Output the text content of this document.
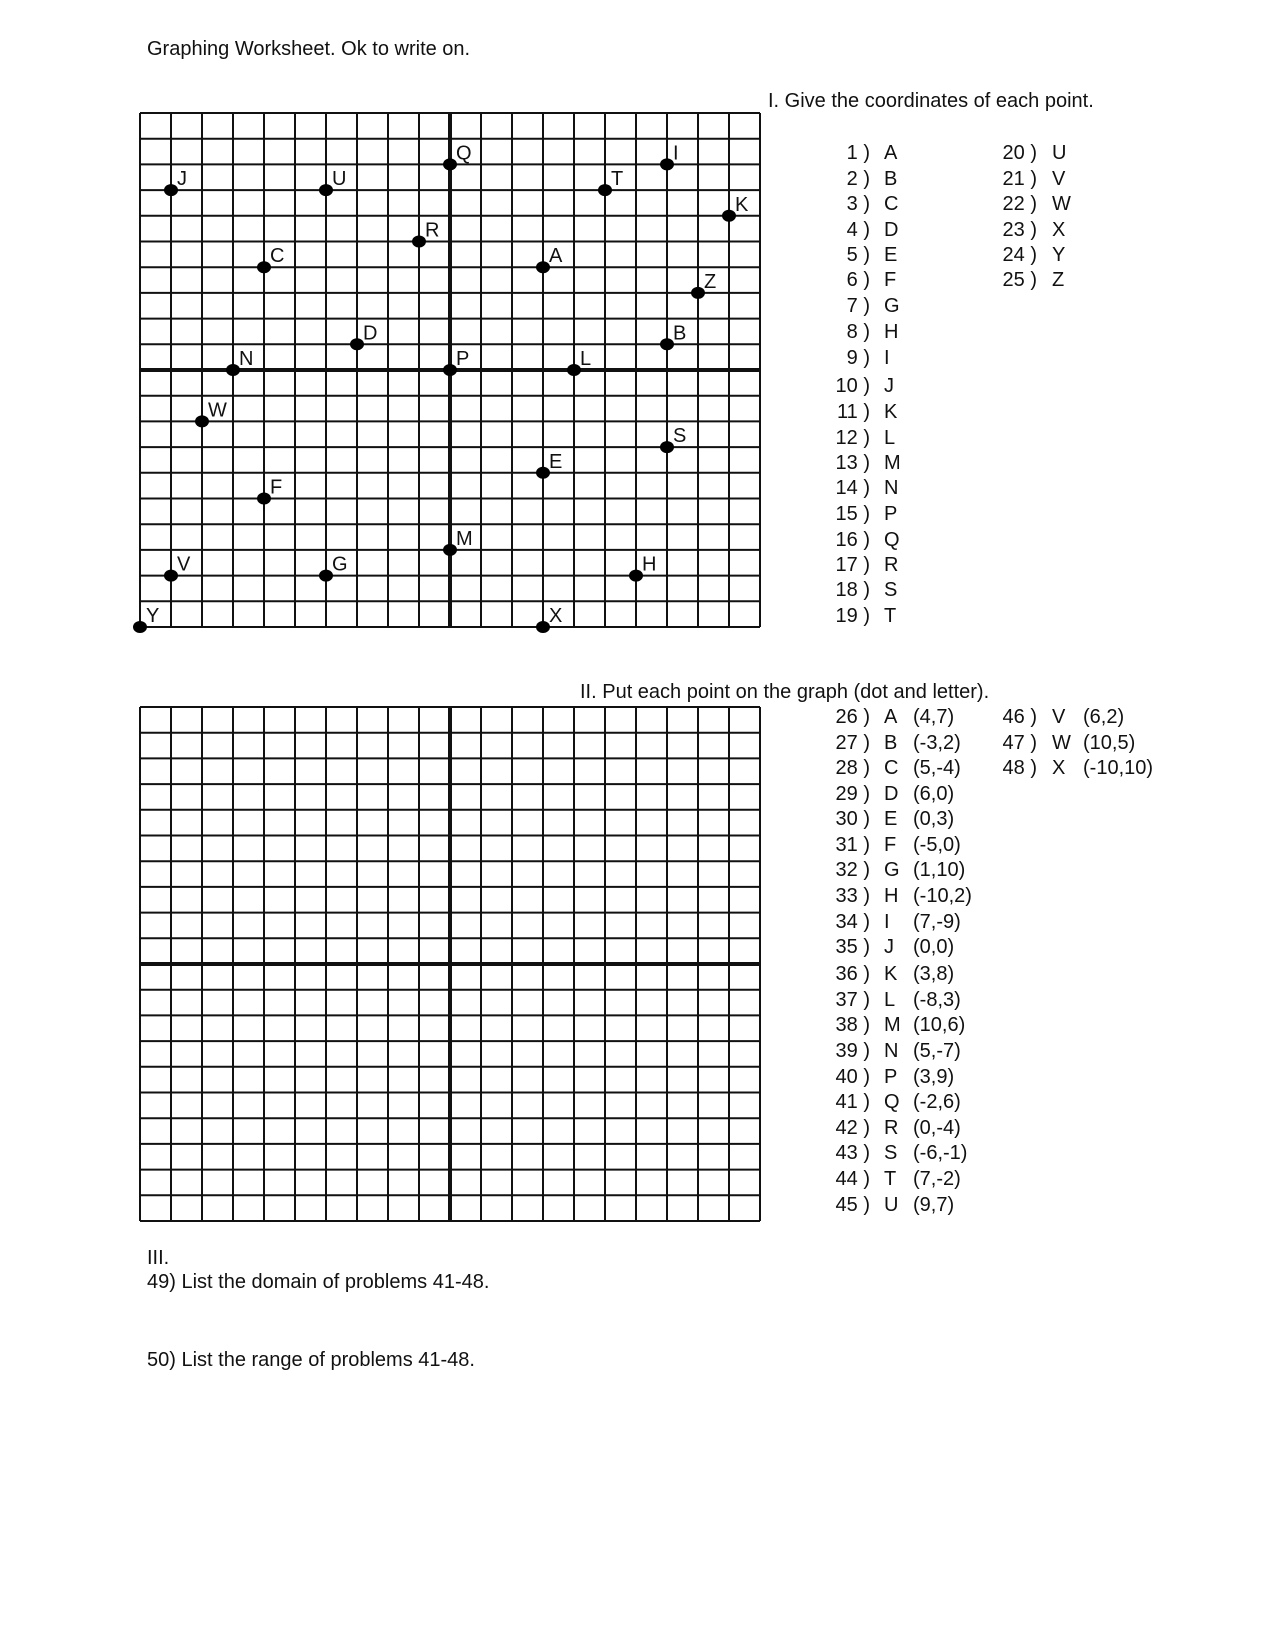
Graphing Worksheet. Ok to write on.
I. Give the coordinates of each point.
A
B
C
D
E
F
G	H
I
J
K
L
M
N	P
Q
R
S
T
U
V
W
X
Y
Z
1 ) A
2 ) B
3 ) C
4 ) D
5 ) E
6 ) F
7 ) G
8 ) H
9 ) I
10 ) J
11 ) K
12 ) L
13 ) M
14 ) N
15 ) P
16 ) Q
17 ) R
18 ) S
19 ) T
20 ) U
21 ) V
22 ) W
23 ) X
24 ) Y
25 ) Z
II. Put each point on the graph (dot and letter).
26 ) A (4,7)
27 ) B (-3,2)
28 ) C (5,-4)
29 ) D (6,0)
30 ) E (0,3)
31 ) F (-5,0)
32 ) G (1,10)
33 ) H (-10,2)
34 ) I (7,-9)
35 ) J (0,0)
36 ) K (3,8)
37 ) L (-8,3)
38 ) M (10,6)
39 ) N (5,-7)
40 ) P (3,9)
41 ) Q (-2,6)
42 ) R (0,-4)
43 ) S (-6,-1)
44 ) T (7,-2)
45 ) U (9,7)
46 ) V (6,2)
47 ) W (10,5)
48 ) X (-10,10)
III.
49) List the domain of problems 41-48.
50) List the range of problems 41-48.
